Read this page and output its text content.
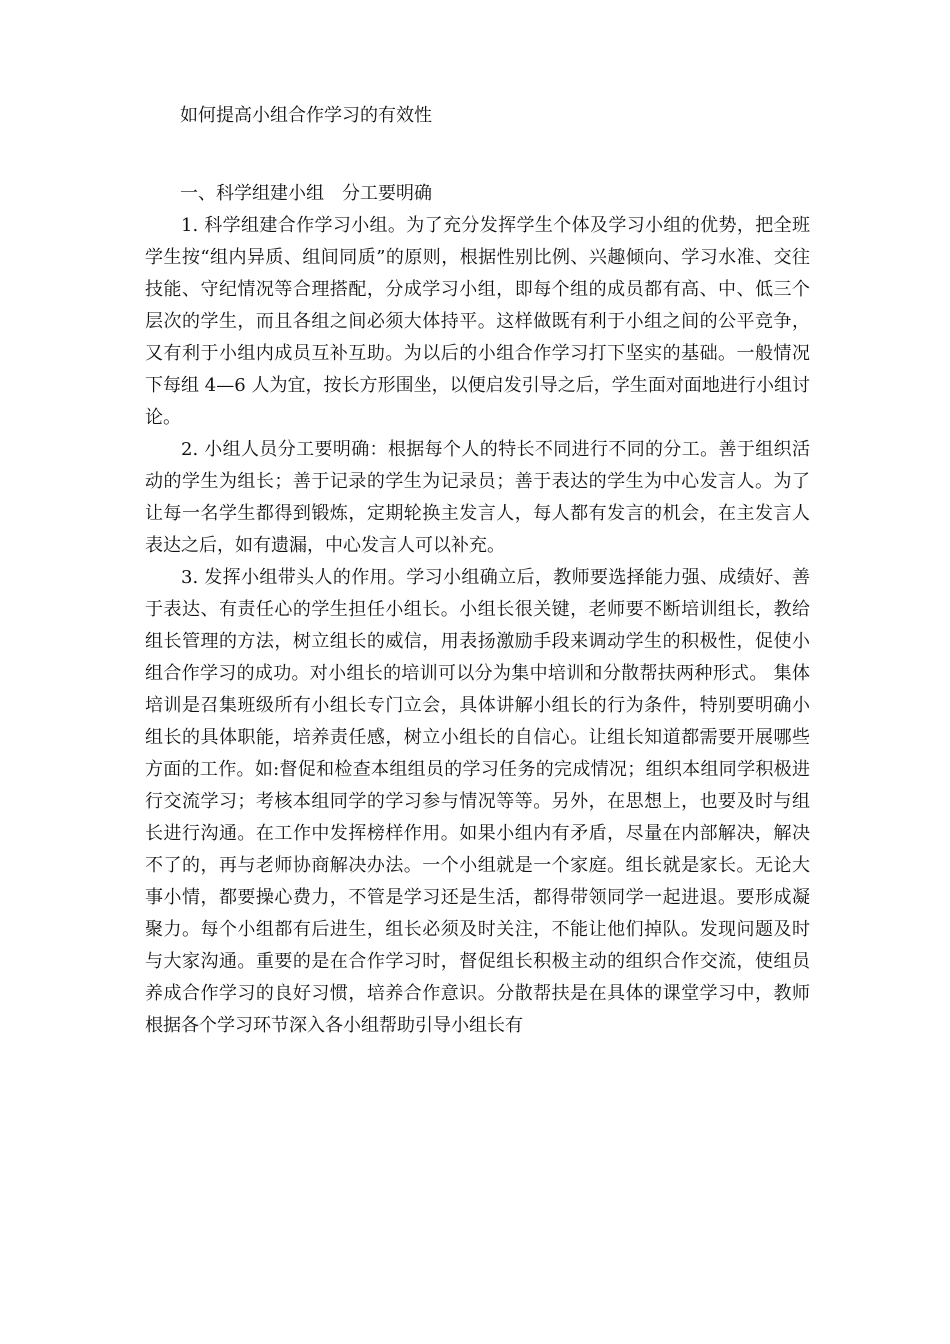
如何提高小组合作学习的有效性
一、科学组建小组　分工要明确

1. 科学组建合作学习小组。为了充分发挥学生个体及学习小组的优势，把全班学生按“组内异质、组间同质”的原则，根据性别比例、兴趣倾向、学习水准、交往技能、守纪情况等合理搭配，分成学习小组，即每个组的成员都有高、中、低三个层次的学生，而且各组之间必须大体持平。这样做既有利于小组之间的公平竞争，又有利于小组内成员互补互助。为以后的小组合作学习打下坚实的基础。一般情况下每组 4—6 人为宜，按长方形围坐，以便启发引导之后，学生面对面地进行小组讨论。

2. 小组人员分工要明确：根据每个人的特长不同进行不同的分工。善于组织活动的学生为组长；善于记录的学生为记录员；善于表达的学生为中心发言人。为了让每一名学生都得到锻炼，定期轮换主发言人，每人都有发言的机会，在主发言人表达之后，如有遗漏，中心发言人可以补充。

3. 发挥小组带头人的作用。学习小组确立后，教师要选择能力强、成绩好、善于表达、有责任心的学生担任小组长。小组长很关键，老师要不断培训组长，教给组长管理的方法，树立组长的威信，用表扬激励手段来调动学生的积极性，促使小组合作学习的成功。对小组长的培训可以分为集中培训和分散帮扶两种形式。 集体培训是召集班级所有小组长专门立会，具体讲解小组长的行为条件，特别要明确小组长的具体职能，培养责任感，树立小组长的自信心。让组长知道都需要开展哪些方面的工作。如:督促和检查本组组员的学习任务的完成情况；组织本组同学积极进行交流学习；考核本组同学的学习参与情况等等。另外，在思想上，也要及时与组长进行沟通。在工作中发挥榜样作用。如果小组内有矛盾，尽量在内部解决，解决不了的，再与老师协商解决办法。一个小组就是一个家庭。组长就是家长。无论大事小情，都要操心费力，不管是学习还是生活，都得带领同学一起进退。要形成凝聚力。每个小组都有后进生，组长必须及时关注，不能让他们掉队。发现问题及时与大家沟通。重要的是在合作学习时，督促组长积极主动的组织合作交流，使组员养成合作学习的良好习惯，培养合作意识。分散帮扶是在具体的课堂学习中，教师根据各个学习环节深入各小组帮助引导小组长有
